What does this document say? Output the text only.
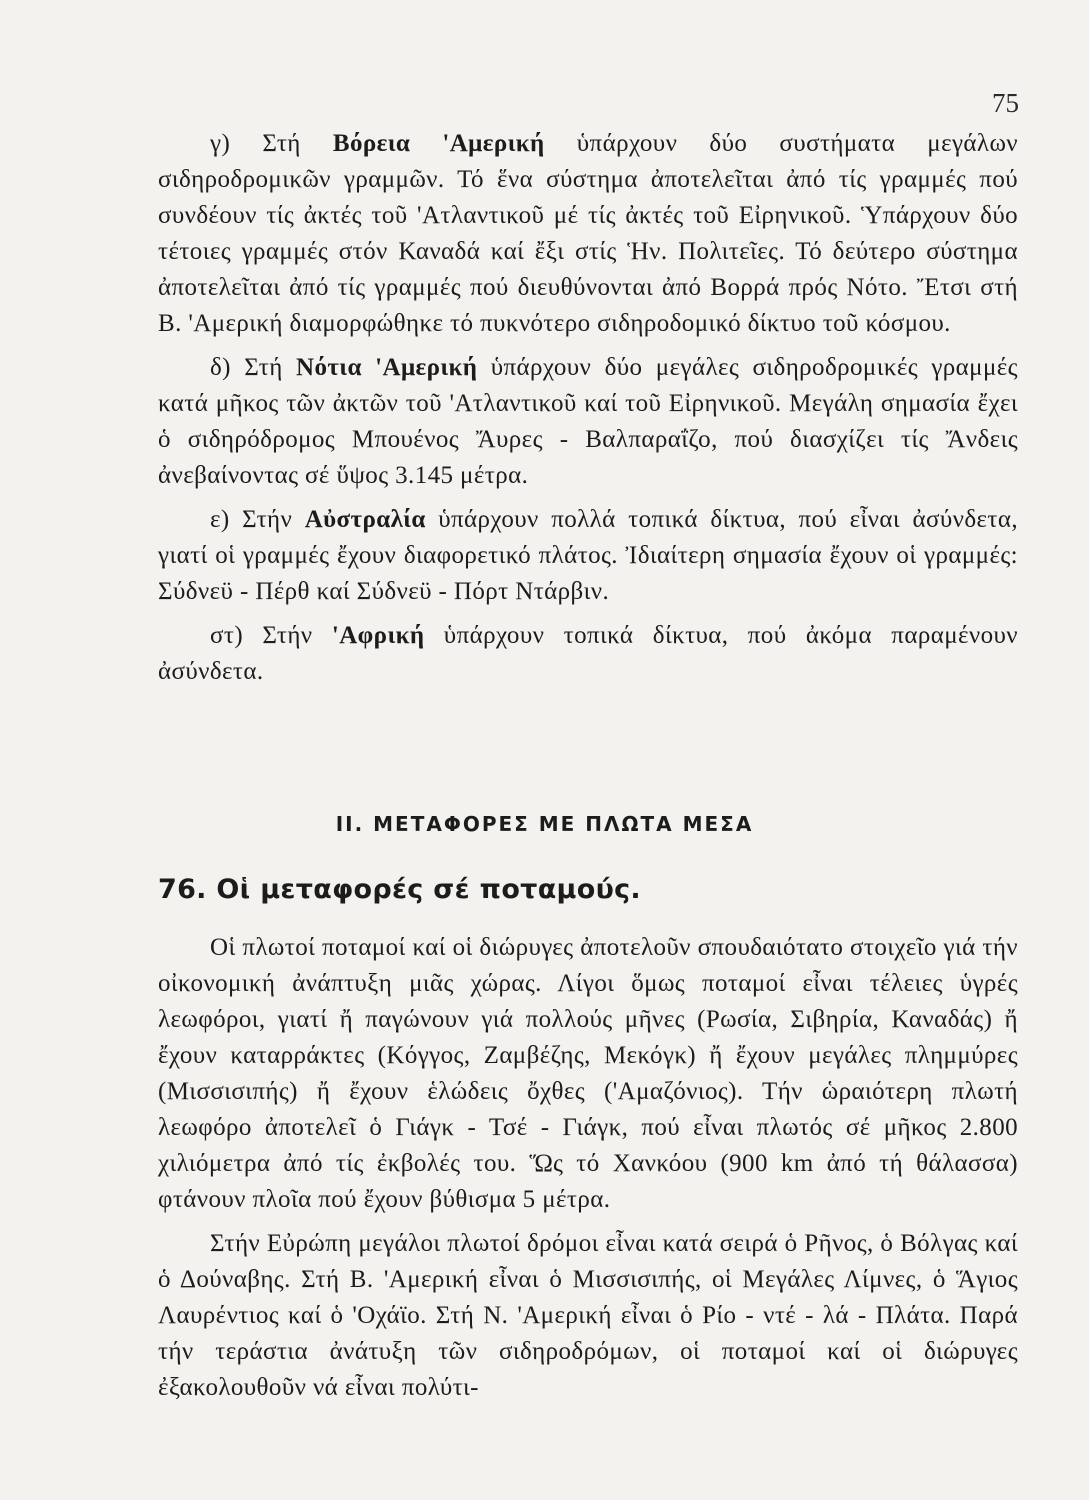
75

γ) Στή Βόρεια 'Αμερική ὑπάρχουν δύο συστήματα μεγάλων σιδηροδρομικῶν γραμμῶν. Τό ἕνα σύστημα ἀποτελεῖται ἀπό τίς γραμμές πού συνδέουν τίς ἀκτές τοῦ 'Ατλαντικοῦ μέ τίς ἀκτές τοῦ Εἰρηνικοῦ. Ὑπάρχουν δύο τέτοιες γραμμές στόν Καναδά καί ἔξι στίς Ἡν. Πολιτεῖες. Τό δεύτερο σύστημα ἀποτελεῖται ἀπό τίς γραμμές πού διευθύνονται ἀπό Βορρά πρός Νότο. Ἔτσι στή Β. 'Αμερική διαμορφώθηκε τό πυκνότερο σιδηροδομικό δίκτυο τοῦ κόσμου.

δ) Στή Νότια 'Αμερική ὑπάρχουν δύο μεγάλες σιδηροδρομικές γραμμές κατά μῆκος τῶν ἀκτῶν τοῦ 'Ατλαντικοῦ καί τοῦ Εἰρηνικοῦ. Μεγάλη σημασία ἔχει ὁ σιδηρόδρομος Μπουένος Ἄυρες - Βαλπαραΐζο, πού διασχίζει τίς Ἄνδεις ἀνεβαίνοντας σέ ὕψος 3.145 μέτρα.

ε) Στήν Αὐστραλία ὑπάρχουν πολλά τοπικά δίκτυα, πού εἶναι ἀσύνδετα, γιατί οἱ γραμμές ἔχουν διαφορετικό πλάτος. Ἰδιαίτερη σημασία ἔχουν οἱ γραμμές: Σύδνεϋ - Πέρθ καί Σύδνεϋ - Πόρτ Ντάρβιν.

στ) Στήν 'Αφρική ὑπάρχουν τοπικά δίκτυα, πού ἀκόμα παραμένουν ἀσύνδετα.

II. ΜΕΤΑΦΟΡΕΣ ΜΕ ΠΛΩΤΑ ΜΕΣΑ
76. Οἱ μεταφορές σέ ποταμούς.

Οἱ πλωτοί ποταμοί καί οἱ διώρυγες ἀποτελοῦν σπουδαιότατο στοιχεῖο γιά τήν οἰκονομική ἀνάπτυξη μιᾶς χώρας. Λίγοι ὅμως ποταμοί εἶναι τέλειες ὑγρές λεωφόροι, γιατί ἤ παγώνουν γιά πολλούς μῆνες (Ρωσία, Σιβηρία, Καναδάς) ἤ ἔχουν καταρράκτες (Κόγγος, Ζαμβέζης, Μεκόγκ) ἤ ἔχουν μεγάλες πλημμύρες (Μισσισιπής) ἤ ἔχουν ἑλώδεις ὄχθες ('Αμαζόνιος). Τήν ὡραιότερη πλωτή λεωφόρο ἀποτελεῖ ὁ Γιάγκ - Τσέ - Γιάγκ, πού εἶναι πλωτός σέ μῆκος 2.800 χιλιόμετρα ἀπό τίς ἐκβολές του. Ὥς τό Χανκόου (900 km ἀπό τή θάλασσα) φτάνουν πλοῖα πού ἔχουν βύθισμα 5 μέτρα.

Στήν Εὐρώπη μεγάλοι πλωτοί δρόμοι εἶναι κατά σειρά ὁ Ρῆνος, ὁ Βόλγας καί ὁ Δούναβης. Στή Β. 'Αμερική εἶναι ὁ Μισσισιπής, οἱ Μεγάλες Λίμνες, ὁ Ἅγιος Λαυρέντιος καί ὁ 'Οχάϊο. Στή Ν. 'Αμερική εἶναι ὁ Ρίο - ντέ - λά - Πλάτα. Παρά τήν τεράστια ἀνάτυξη τῶν σιδηροδρόμων, οἱ ποταμοί καί οἱ διώρυγες ἐξακολουθοῦν νά εἶναι πολύτι-
